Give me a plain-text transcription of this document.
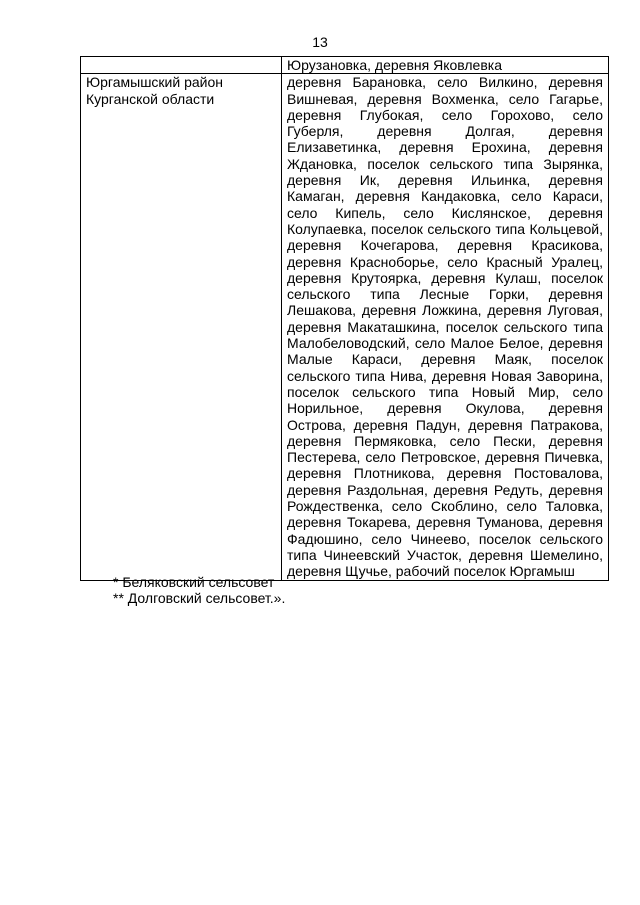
13
	Юрузановка, деревня Яковлевка
Юргамышский район Курганской области	деревня Барановка, село Вилкино, деревня Вишневая, деревня Вохменка, село Гагарье, деревня Глубокая, село Горохово, село Губерля, деревня Долгая, деревня Елизаветинка, деревня Ерохина, деревня Ждановка, поселок сельского типа Зырянка, деревня Ик, деревня Ильинка, деревня Камаган, деревня Кандаковка, село Караси, село Кипель, село Кислянское, деревня Колупаевка, поселок сельского типа Кольцевой, деревня Кочегарова, деревня Красикова, деревня Красноборье, село Красный Уралец, деревня Крутоярка, деревня Кулаш, поселок сельского типа Лесные Горки, деревня Лешакова, деревня Ложкина, деревня Луговая, деревня Макаташкина, поселок сельского типа Малобеловодский, село Малое Белое, деревня Малые Караси, деревня Маяк, поселок сельского типа Нива, деревня Новая Заворина, поселок сельского типа Новый Мир, село Норильное, деревня Окулова, деревня Острова, деревня Падун, деревня Патракова, деревня Пермяковка, село Пески, деревня Пестерева, село Петровское, деревня Пичевка, деревня Плотникова, деревня Постовалова, деревня Раздольная, деревня Редуть, деревня Рождественка, село Скоблино, село Таловка, деревня Токарева, деревня Туманова, деревня Фадюшино, село Чинеево, поселок сельского типа Чинеевский Участок, деревня Шемелино, деревня Щучье, рабочий поселок Юргамыш
* Беляковский сельсовет
** Долговский сельсовет.».
